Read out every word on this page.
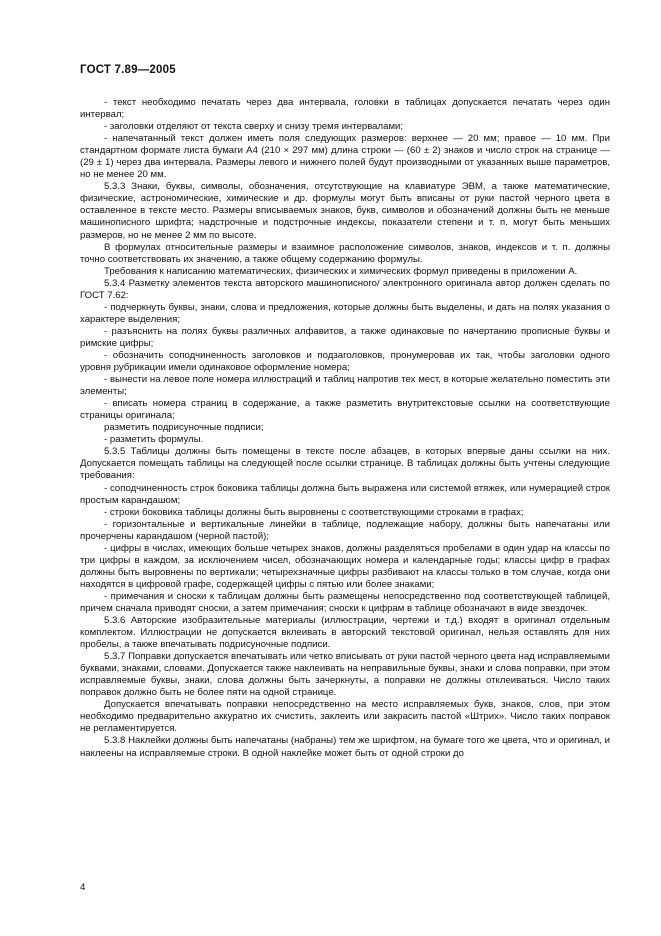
ГОСТ 7.89—2005

- текст необходимо печатать через два интервала, головки в таблицах допускается печатать через один интервал;

- заголовки отделяют от текста сверху и снизу тремя интервалами;

- напечатанный текст должен иметь поля следующих размеров: верхнее — 20 мм; правое — 10 мм. При стандартном формате листа бумаги А4 (210 × 297 мм) длина строки — (60 ± 2) знаков и число строк на странице — (29 ± 1) через два интервала. Размеры левого и нижнего полей будут производными от указанных выше параметров, но не менее 20 мм.

5.3.3 Знаки, буквы, символы, обозначения, отсутствующие на клавиатуре ЭВМ, а также математические, физические, астрономические, химические и др. формулы могут быть вписаны от руки пастой черного цвета в оставленное в тексте место. Размеры вписываемых знаков, букв, символов и обозначений должны быть не меньше машинописного шрифта; надстрочные и подстрочные индексы, показатели степени и т. п. могут быть меньших размеров, но не менее 2 мм по высоте.

В формулах относительные размеры и взаимное расположение символов, знаков, индексов и т. п. должны точно соответствовать их значению, а также общему содержанию формулы.

Требования к написанию математических, физических и химических формул приведены в приложении А.

5.3.4 Разметку элементов текста авторского машинописного/ электронного оригинала автор должен сделать по ГОСТ 7.62:

- подчеркнуть буквы, знаки, слова и предложения, которые должны быть выделены, и дать на полях указания о характере выделения;

- разъяснить на полях буквы различных алфавитов, а также одинаковые по начертанию прописные буквы и римские цифры;

- обозначить соподчиненность заголовков и подзаголовков, пронумеровав их так, чтобы заголовки одного уровня рубрикации имели одинаковое оформление номера;

- вынести на левое поле номера иллюстраций и таблиц напротив тех мест, в которые желательно поместить эти элементы;

- вписать номера страниц в содержание, а также разметить внутритекстовые ссылки на соответствующие страницы оригинала;

разметить подрисуночные подписи;

- разметить формулы.

5.3.5 Таблицы должны быть помещены в тексте после абзацев, в которых впервые даны ссылки на них. Допускается помещать таблицы на следующей после ссылки странице. В таблицах должны быть учтены следующие требования:

- соподчиненность строк боковика таблицы должна быть выражена или системой втяжек, или нумерацией строк простым карандашом;

- строки боковика таблицы должны быть выровнены с соответствующими строками в графах;

- горизонтальные и вертикальные линейки в таблице, подлежащие набору, должны быть напечатаны или прочерчены карандашом (черной пастой);

- цифры в числах, имеющих больше четырех знаков, должны разделяться пробелами в один удар на классы по три цифры в каждом, за исключением чисел, обозначающих номера и календарные годы; классы цифр в графах должны быть выровнены по вертикали; четырехзначные цифры разбивают на классы только в том случае, когда они находятся в цифровой графе, содержащей цифры с пятью или более знаками;

- примечания и сноски к таблицам должны быть размещены непосредственно под соответствующей таблицей, причем сначала приводят сноски, а затем примечания; сноски к цифрам в таблице обозначают в виде звездочек.

5.3.6 Авторские изобразительные материалы (иллюстрации, чертежи и т.д.) входят в оригинал отдельным комплектом. Иллюстрации не допускается вклеивать в авторский текстовой оригинал, нельзя оставлять для них пробелы, а также впечатывать подрисуночные подписи.

5.3.7 Поправки допускается впечатывать или четко вписывать от руки пастой черного цвета над исправляемыми буквами, знаками, словами. Допускается также наклеивать на неправильные буквы, знаки и слова поправки, при этом исправляемые буквы, знаки, слова должны быть зачеркнуты, а поправки не должны отклеиваться. Число таких поправок должно быть не более пяти на одной странице.

Допускается впечатывать поправки непосредственно на место исправляемых букв, знаков, слов, при этом необходимо предварительно аккуратно их счистить, заклеить или закрасить пастой «Штрих». Число таких поправок не регламентируется.

5.3.8 Наклейки должны быть напечатаны (набраны) тем же шрифтом, на бумаге того же цвета, что и оригинал, и наклеены на исправляемые строки. В одной наклейке может быть от одной строки до

4
